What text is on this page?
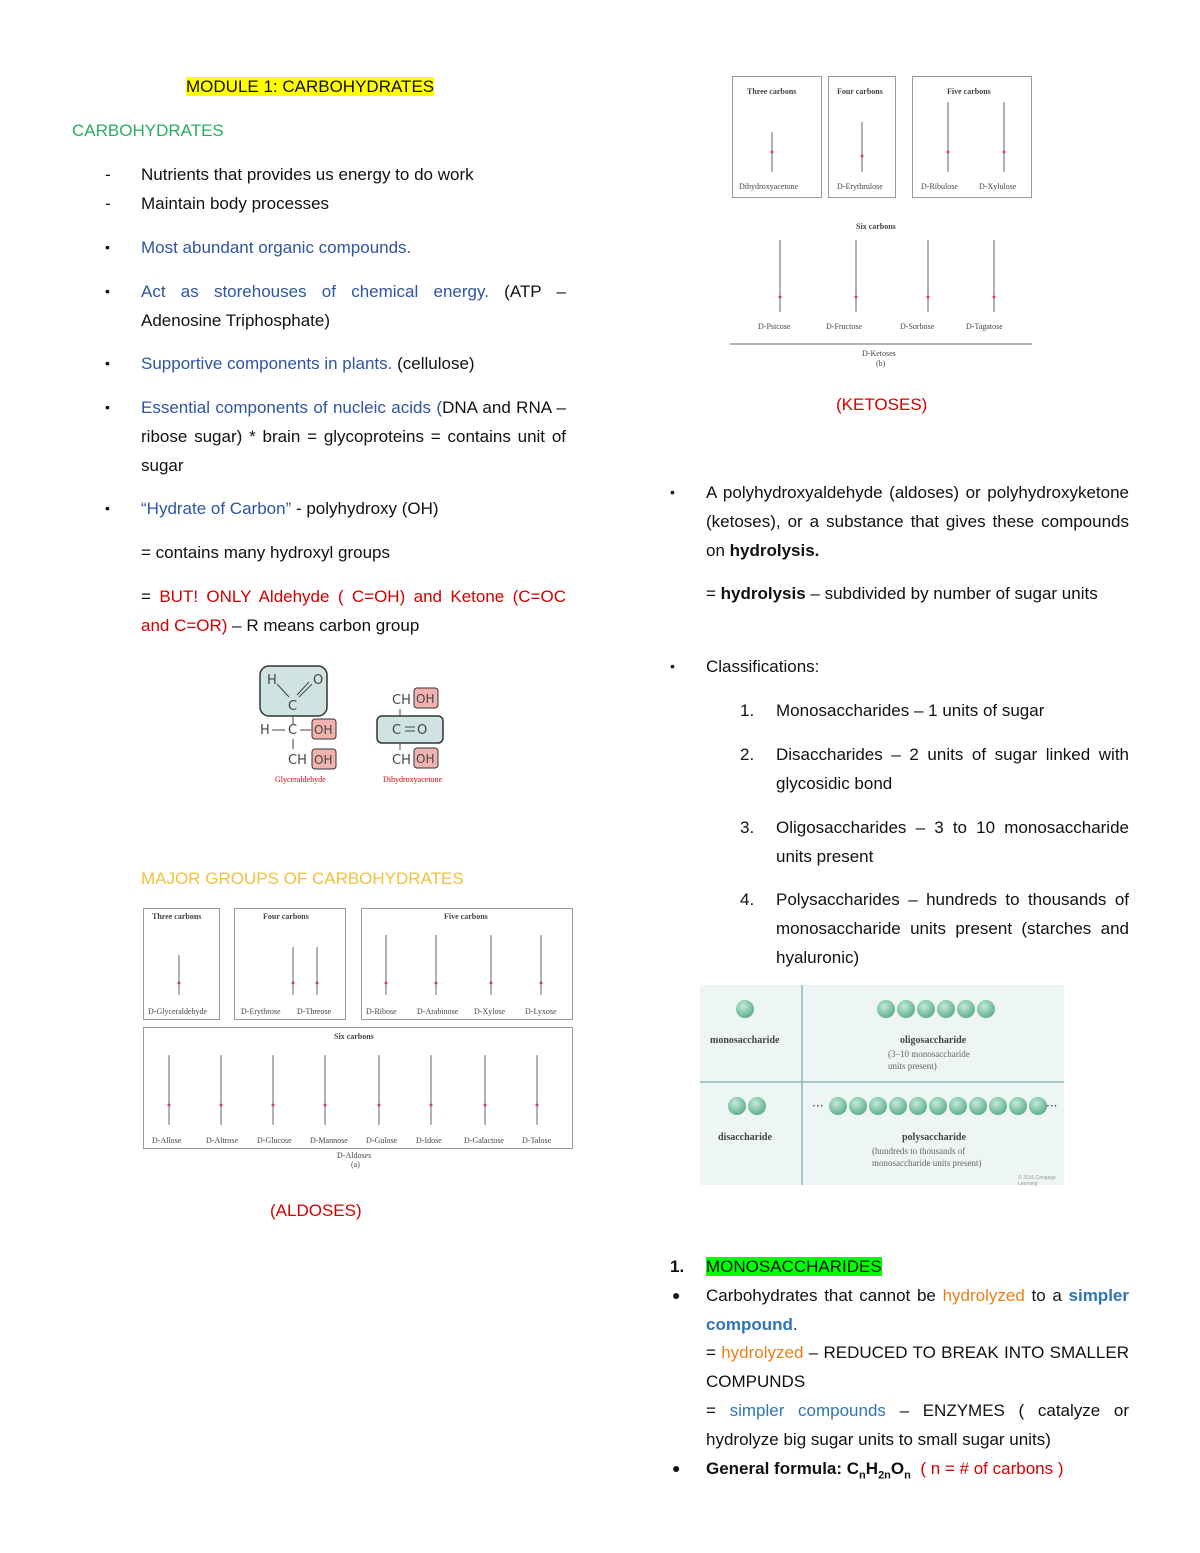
MODULE 1: CARBOHYDRATES
CARBOHYDRATES
- Nutrients that provides us energy to do work
- Maintain body processes
• Most abundant organic compounds.
• Act as storehouses of chemical energy. (ATP – Adenosine Triphosphate)
• Supportive components in plants. (cellulose)
• Essential components of nucleic acids (DNA and RNA – ribose sugar) * brain = glycoproteins = contains unit of sugar
• “Hydrate of Carbon” - polyhydroxy (OH)
= contains many hydroxyl groups
= BUT! ONLY Aldehyde ( C=OH) and Ketone (C=OC and C=OR) – R means carbon group
H	O
C
H C OH
CH OH
CH OH
C O
CH OH
Glyceraldehyde	Dihydroxyacetone
MAJOR GROUPS OF CARBOHYDRATES
Three carbons
D-Glyceraldehyde
Four carbons
D-Erythrose D-Threose
Five carbons
D-Ribose	D-Arabinose D-Xylose D-Lyxose
Six carbons
D-Allose	D-Altrose D-Glucose D-Mannose D-Gulose D-Idose	D-Galactose D-Talose
D-Aldoses
(a)
(ALDOSES)
Three carbons
Dihydroxyacetone
Four carbons
D-Erythrulose
Five carbons
D-Ribulose	D-Xylulose
Six carbons
D-Psicose	D-Fructose	D-Sorbose	D-Tagatose
D-Ketoses
(b)
(KETOSES)
• A polyhydroxyaldehyde (aldoses) or polyhydroxyketone (ketoses), or a substance that gives these compounds on hydrolysis.
= hydrolysis – subdivided by number of sugar units
• Classifications:
1. Monosaccharides – 1 units of sugar
2. Disaccharides – 2 units of sugar linked with glycosidic bond
3. Oligosaccharides – 3 to 10 monosaccharide units present
4. Polysaccharides – hundreds to thousands of monosaccharide units present (starches and hyaluronic)
···	···
monosaccharide
disaccharide
oligosaccharide
(3–10 monosaccharide
units present)
polysaccharide
(hundreds to thousands of
monosaccharide units present)
© 2016 Cengage Learning
1. MONOSACCHARIDES
● Carbohydrates that cannot be hydrolyzed to a simpler compound.
= hydrolyzed – REDUCED TO BREAK INTO SMALLER COMPUNDS
= simpler compounds – ENZYMES ( catalyze or hydrolyze big sugar units to small sugar units)
● General formula: $C_nH_{2n}O_n$ ( n = # of carbons )
